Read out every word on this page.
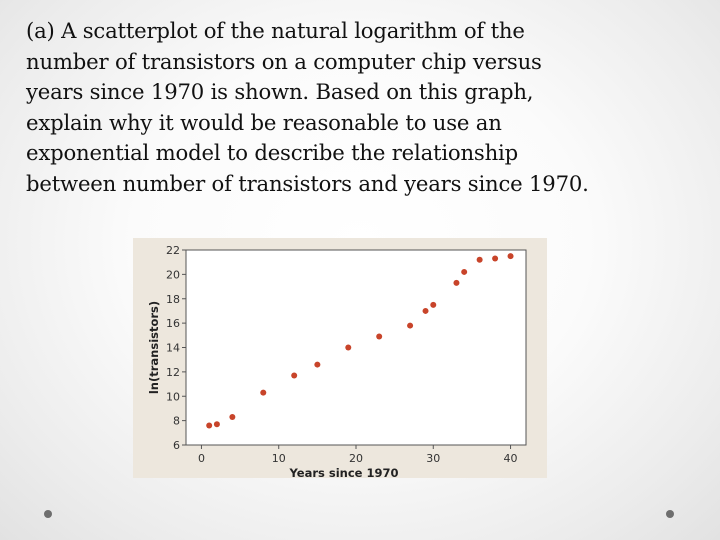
(a) A scatterplot of the natural logarithm of the
number of transistors on a computer chip versus
years since 1970 is shown. Based on this graph,
explain why it would be reasonable to use an
exponential model to describe the relationship
between number of transistors and years since 1970.
6
8
10
12
14
16
18
20
22
0	10	20	30	40
Years since 1970
ln(transistors)
